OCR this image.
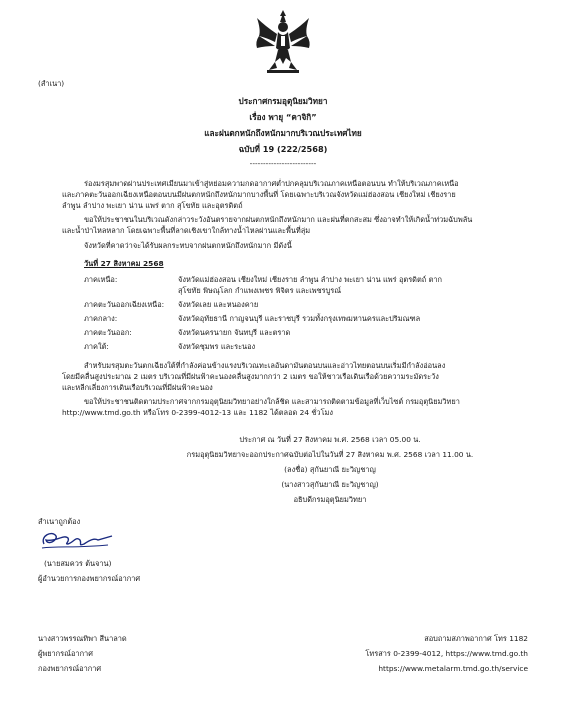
(สำเนา)
ประกาศกรมอุตุนิยมวิทยา
เรื่อง พายุ “คาจิกิ”
และฝนตกหนักถึงหนักมากบริเวณประเทศไทย
ฉบับที่ 19 (222/2568)
-------------------------
ร่องมรสุมพาดผ่านประเทศเมียนมาเข้าสู่หย่อมความกดอากาศต่ำปกคลุมบริเวณภาคเหนือตอนบน ทำให้บริเวณภาคเหนือ
และภาคตะวันออกเฉียงเหนือตอนบนมีฝนตกหนักถึงหนักมากบางพื้นที่ โดยเฉพาะบริเวณจังหวัดแม่ฮ่องสอน เชียงใหม่ เชียงราย
ลำพูน ลำปาง พะเยา น่าน แพร่ ตาก สุโขทัย และอุตรดิตถ์
ขอให้ประชาชนในบริเวณดังกล่าวระวังอันตรายจากฝนตกหนักถึงหนักมาก และฝนที่ตกสะสม ซึ่งอาจทำให้เกิดน้ำท่วมฉับพลัน
และน้ำป่าไหลหลาก โดยเฉพาะพื้นที่ลาดเชิงเขาใกล้ทางน้ำไหลผ่านและพื้นที่ลุ่ม
จังหวัดที่คาดว่าจะได้รับผลกระทบจากฝนตกหนักถึงหนักมาก มีดังนี้
วันที่ 27 สิงหาคม 2568
ภาคเหนือ:	จังหวัดแม่ฮ่องสอน เชียงใหม่ เชียงราย ลำพูน ลำปาง พะเยา น่าน แพร่ อุตรดิตถ์ ตาก
สุโขทัย พิษณุโลก กำแพงเพชร พิจิตร และเพชรบูรณ์
ภาคตะวันออกเฉียงเหนือ:	จังหวัดเลย และหนองคาย
ภาคกลาง:	จังหวัดอุทัยธานี กาญจนบุรี และราชบุรี รวมทั้งกรุงเทพมหานครและปริมณฑล
ภาคตะวันออก:	จังหวัดนครนายก จันทบุรี และตราด
ภาคใต้:	จังหวัดชุมพร และระนอง
สำหรับมรสุมตะวันตกเฉียงใต้ที่กำลังค่อนข้างแรงบริเวณทะเลอันดามันตอนบนและอ่าวไทยตอนบนเริ่มมีกำลังอ่อนลง
โดยมีคลื่นสูงประมาณ 2 เมตร บริเวณที่มีฝนฟ้าคะนองคลื่นสูงมากกว่า 2 เมตร ขอให้ชาวเรือเดินเรือด้วยความระมัดระวัง
และหลีกเลี่ยงการเดินเรือบริเวณที่มีฝนฟ้าคะนอง
ขอให้ประชาชนติดตามประกาศจากกรมอุตุนิยมวิทยาอย่างใกล้ชิด และสามารถติดตามข้อมูลที่เว็บไซต์ กรมอุตุนิยมวิทยา
http://www.tmd.go.th หรือโทร 0-2399-4012-13 และ 1182 ได้ตลอด 24 ชั่วโมง
ประกาศ ณ วันที่ 27 สิงหาคม พ.ศ. 2568 เวลา 05.00 น.
กรมอุตุนิยมวิทยาจะออกประกาศฉบับต่อไปในวันที่ 27 สิงหาคม พ.ศ. 2568 เวลา 11.00 น.
(ลงชื่อ) สุกันยาณี ยะวิญชาญ
(นางสาวสุกันยาณี ยะวิญชาญ)
อธิบดีกรมอุตุนิยมวิทยา
สำเนาถูกต้อง
(นายสมควร ต้นจาน)
ผู้อำนวยการกองพยากรณ์อากาศ
นางสาวพรรณทิพา สีนาลาด
ผู้พยากรณ์อากาศ
กองพยากรณ์อากาศ
สอบถามสภาพอากาศ โทร 1182
โทรสาร 0-2399-4012, https://www.tmd.go.th
https://www.metalarm.tmd.go.th/service
